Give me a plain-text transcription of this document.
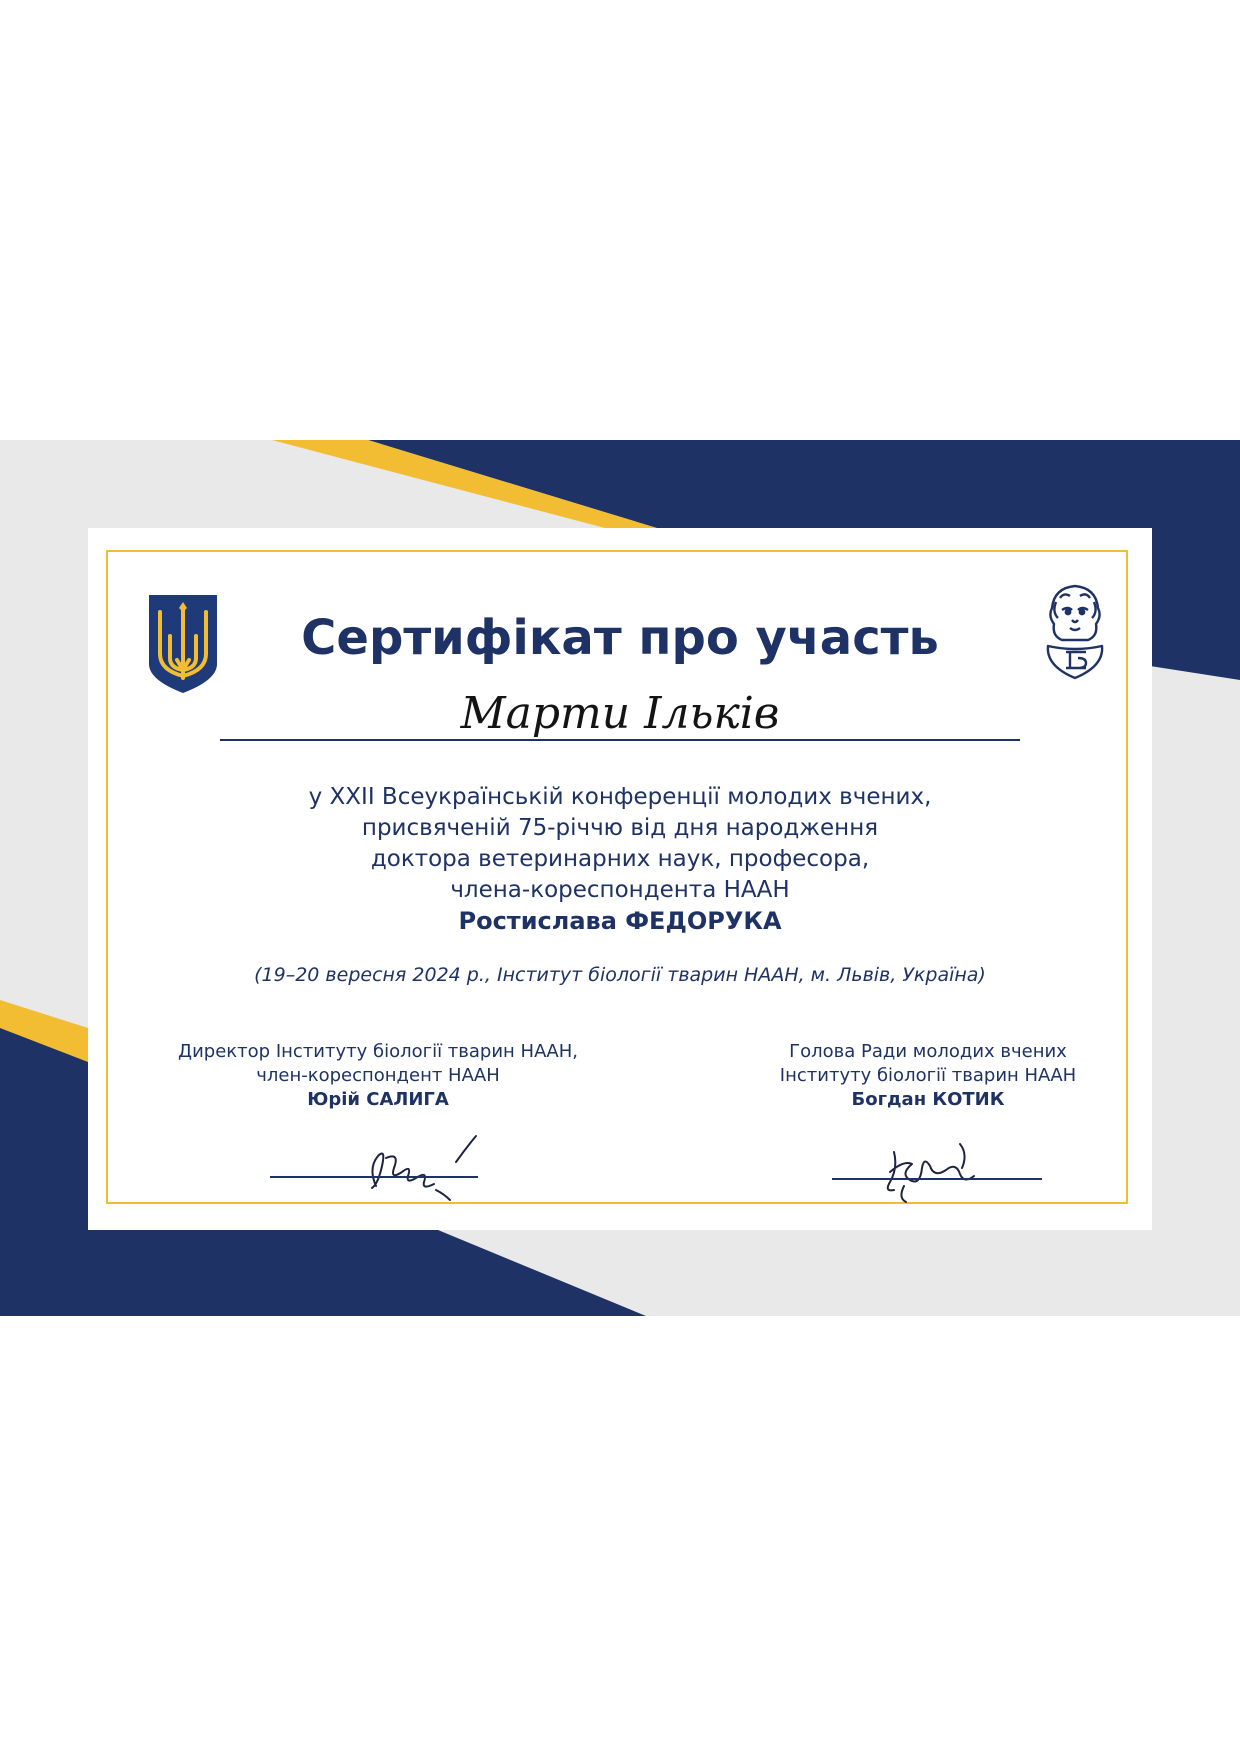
Сертифікат про участь
Марти Ільків
у XXII Всеукраїнській конференції молодих вчених,
присвяченій 75-річчю від дня народження
доктора ветеринарних наук, професора,
члена-кореспондента НААН
Ростислава ФЕДОРУКА
(19–20 вересня 2024 р., Інститут біології тварин НААН, м. Львів, Україна)
Директор Інституту біології тварин НААН,
член-кореспондент НААН
Юрій САЛИГА
Голова Ради молодих вчених
Інституту біології тварин НААН
Богдан КОТИК
